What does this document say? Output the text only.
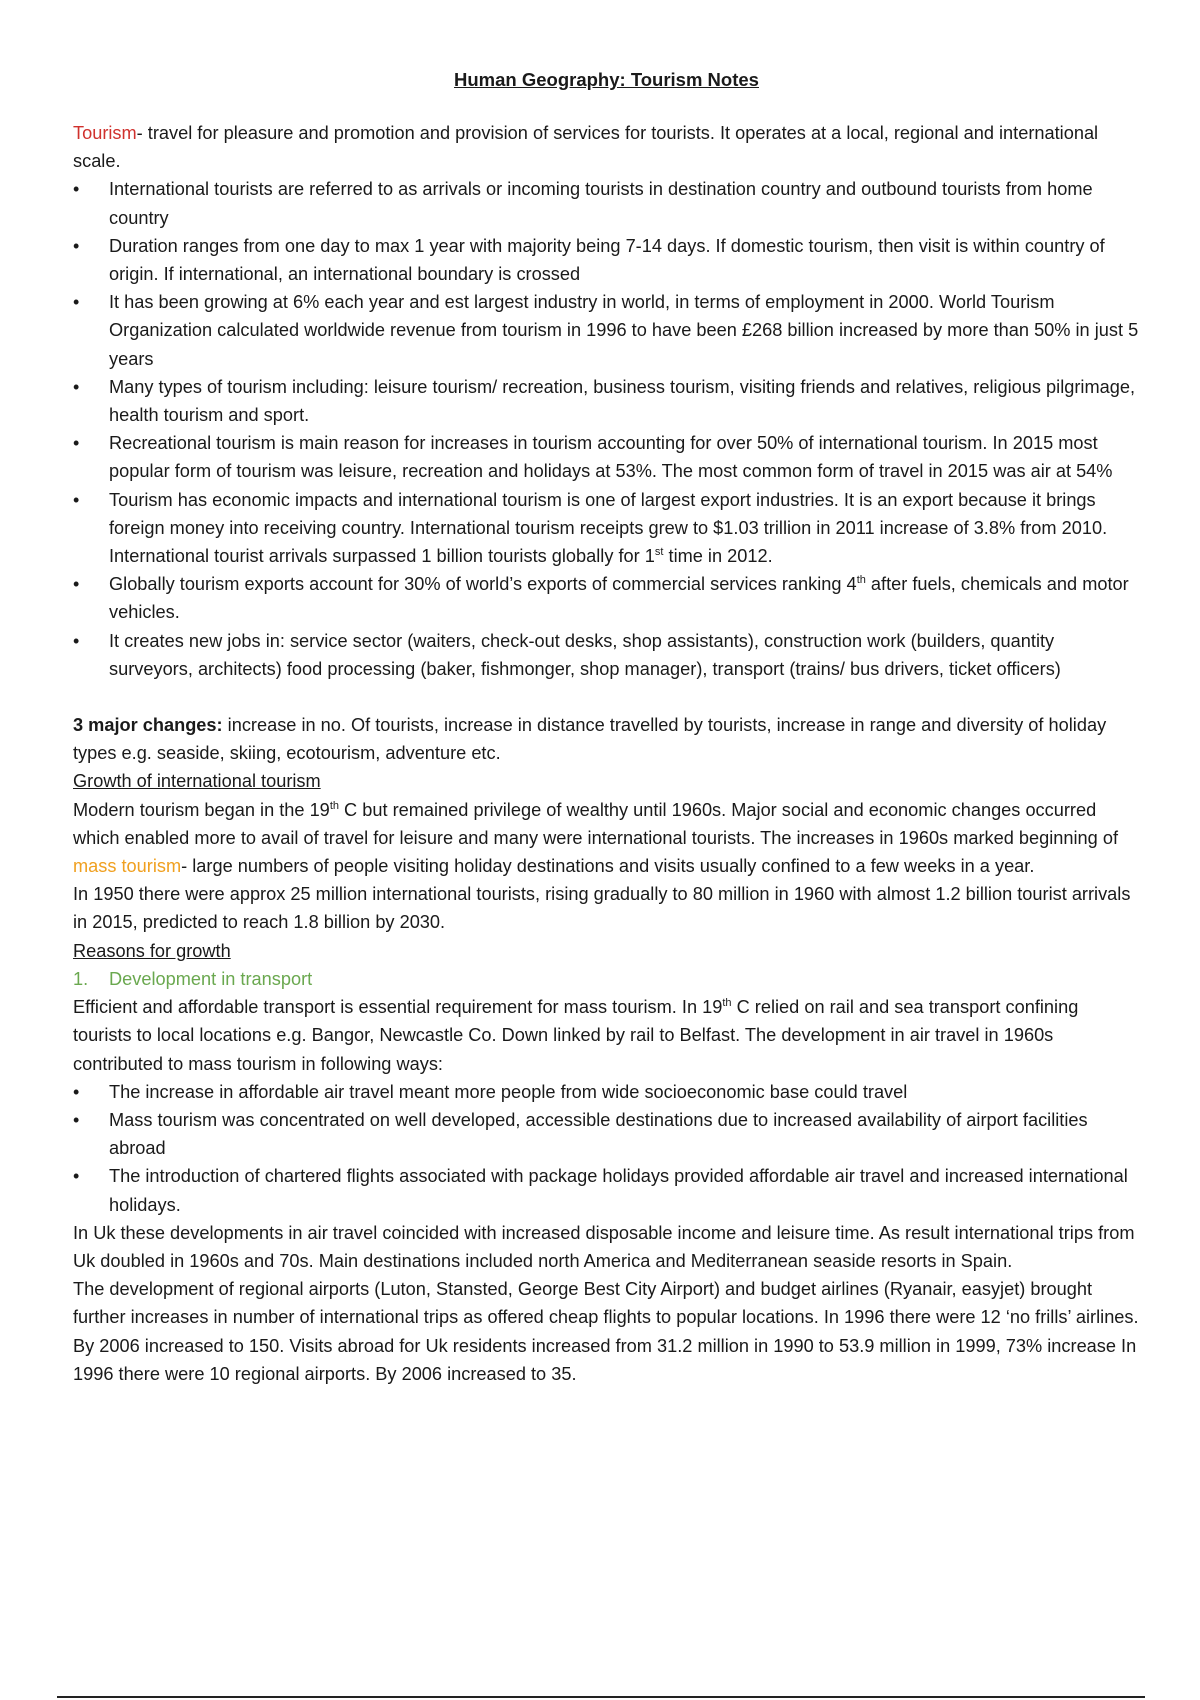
Human Geography: Tourism Notes

Tourism- travel for pleasure and promotion and provision of services for tourists. It operates at a local, regional and international scale.

• International tourists are referred to as arrivals or incoming tourists in destination country and outbound tourists from home country
• Duration ranges from one day to max 1 year with majority being 7-14 days. If domestic tourism, then visit is within country of origin. If international, an international boundary is crossed
• It has been growing at 6% each year and est largest industry in world, in terms of employment in 2000. World Tourism Organization calculated worldwide revenue from tourism in 1996 to have been £268 billion increased by more than 50% in just 5 years
• Many types of tourism including: leisure tourism/ recreation, business tourism, visiting friends and relatives, religious pilgrimage, health tourism and sport.
• Recreational tourism is main reason for increases in tourism accounting for over 50% of international tourism. In 2015 most popular form of tourism was leisure, recreation and holidays at 53%. The most common form of travel in 2015 was air at 54%
• Tourism has economic impacts and international tourism is one of largest export industries. It is an export because it brings foreign money into receiving country. International tourism receipts grew to $1.03 trillion in 2011 increase of 3.8% from 2010. International tourist arrivals surpassed 1 billion tourists globally for 1st time in 2012.
• Globally tourism exports account for 30% of world’s exports of commercial services ranking 4th after fuels, chemicals and motor vehicles.
• It creates new jobs in: service sector (waiters, check-out desks, shop assistants), construction work (builders, quantity surveyors, architects) food processing (baker, fishmonger, shop manager), transport (trains/ bus drivers, ticket officers)

3 major changes: increase in no. Of tourists, increase in distance travelled by tourists, increase in range and diversity of holiday types e.g. seaside, skiing, ecotourism, adventure etc.

Growth of international tourism

Modern tourism began in the 19th C but remained privilege of wealthy until 1960s. Major social and economic changes occurred which enabled more to avail of travel for leisure and many were international tourists. The increases in 1960s marked beginning of mass tourism- large numbers of people visiting holiday destinations and visits usually confined to a few weeks in a year.

In 1950 there were approx 25 million international tourists, rising gradually to 80 million in 1960 with almost 1.2 billion tourist arrivals in 2015, predicted to reach 1.8 billion by 2030.

Reasons for growth

1. Development in transport

Efficient and affordable transport is essential requirement for mass tourism. In 19th C relied on rail and sea transport confining tourists to local locations e.g. Bangor, Newcastle Co. Down linked by rail to Belfast. The development in air travel in 1960s contributed to mass tourism in following ways:

• The increase in affordable air travel meant more people from wide socioeconomic base could travel
• Mass tourism was concentrated on well developed, accessible destinations due to increased availability of airport facilities abroad
• The introduction of chartered flights associated with package holidays provided affordable air travel and increased international holidays.

In Uk these developments in air travel coincided with increased disposable income and leisure time. As result international trips from Uk doubled in 1960s and 70s. Main destinations included north America and Mediterranean seaside resorts in Spain.

The development of regional airports (Luton, Stansted, George Best City Airport) and budget airlines (Ryanair, easyjet) brought further increases in number of international trips as offered cheap flights to popular locations. In 1996 there were 12 ‘no frills’ airlines. By 2006 increased to 150. Visits abroad for Uk residents increased from 31.2 million in 1990 to 53.9 million in 1999, 73% increase In 1996 there were 10 regional airports. By 2006 increased to 35.
